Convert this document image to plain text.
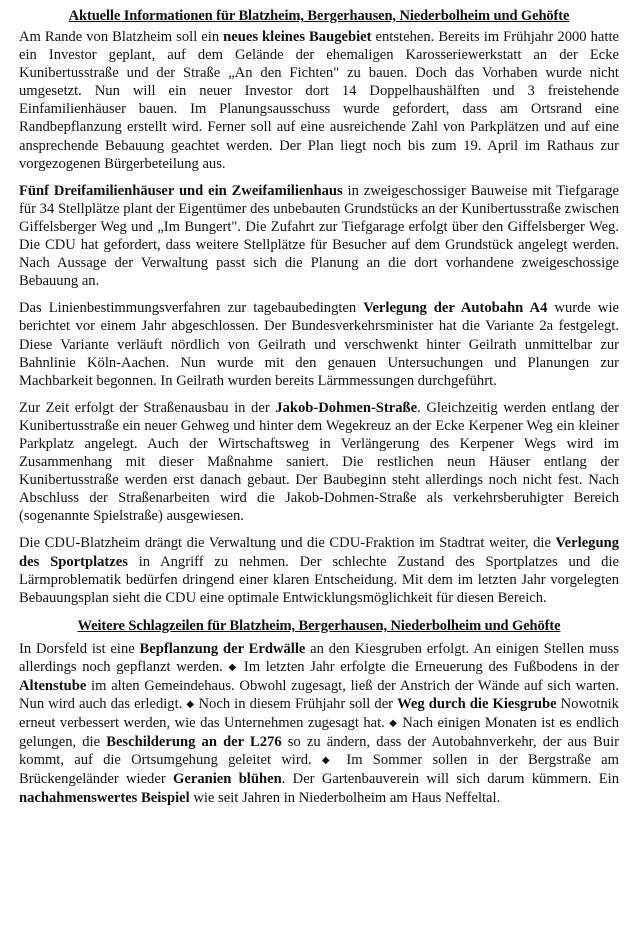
Aktuelle Informationen für Blatzheim, Bergerhausen, Niederbolheim und Gehöfte

Am Rande von Blatzheim soll ein neues kleines Baugebiet entstehen. Bereits im Frühjahr 2000 hatte ein Investor geplant, auf dem Gelände der ehemaligen Karosseriewerkstatt an der Ecke Kunibertusstraße und der Straße „An den Fichten" zu bauen. Doch das Vorhaben wurde nicht umgesetzt. Nun will ein neuer Investor dort 14 Doppelhaushälften und 3 freistehende Einfamilienhäuser bauen. Im Planungsausschuss wurde gefordert, dass am Ortsrand eine Randbepflanzung erstellt wird. Ferner soll auf eine ausreichende Zahl von Parkplätzen und auf eine ansprechende Bebauung geachtet werden. Der Plan liegt noch bis zum 19. April im Rathaus zur vorgezogenen Bürgerbeteilung aus.

Fünf Dreifamilienhäuser und ein Zweifamilienhaus in zweigeschossiger Bauweise mit Tiefgarage für 34 Stellplätze plant der Eigentümer des unbebauten Grundstücks an der Kunibertusstraße zwischen Giffelsberger Weg und „Im Bungert". Die Zufahrt zur Tiefgarage erfolgt über den Giffelsberger Weg. Die CDU hat gefordert, dass weitere Stellplätze für Besucher auf dem Grundstück angelegt werden. Nach Aussage der Verwaltung passt sich die Planung an die dort vorhandene zweigeschossige Bebauung an.

Das Linienbestimmungsverfahren zur tagebaubedingten Verlegung der Autobahn A4 wurde wie berichtet vor einem Jahr abgeschlossen. Der Bundesverkehrsminister hat die Variante 2a festgelegt. Diese Variante verläuft nördlich von Geilrath und verschwenkt hinter Geilrath unmittelbar zur Bahnlinie Köln-Aachen. Nun wurde mit den genauen Untersuchungen und Planungen zur Machbarkeit begonnen. In Geilrath wurden bereits Lärmmessungen durchgeführt.

Zur Zeit erfolgt der Straßenausbau in der Jakob-Dohmen-Straße. Gleichzeitig werden entlang der Kunibertusstraße ein neuer Gehweg und hinter dem Wegekreuz an der Ecke Kerpener Weg ein kleiner Parkplatz angelegt. Auch der Wirtschaftsweg in Verlängerung des Kerpener Wegs wird im Zusammenhang mit dieser Maßnahme saniert. Die restlichen neun Häuser entlang der Kunibertusstraße werden erst danach gebaut. Der Baubeginn steht allerdings noch nicht fest. Nach Abschluss der Straßenarbeiten wird die Jakob-Dohmen-Straße als verkehrsberuhigter Bereich (sogenannte Spielstraße) ausgewiesen.

Die CDU-Blatzheim drängt die Verwaltung und die CDU-Fraktion im Stadtrat weiter, die Verlegung des Sportplatzes in Angriff zu nehmen. Der schlechte Zustand des Sportplatzes und die Lärmproblematik bedürfen dringend einer klaren Entscheidung. Mit dem im letzten Jahr vorgelegten Bebauungsplan sieht die CDU eine optimale Entwicklungsmöglichkeit für diesen Bereich.

Weitere Schlagzeilen für Blatzheim, Bergerhausen, Niederbolheim und Gehöfte

In Dorsfeld ist eine Bepflanzung der Erdwälle an den Kiesgruben erfolgt. An einigen Stellen muss allerdings noch gepflanzt werden. ◆ Im letzten Jahr erfolgte die Erneuerung des Fußbodens in der Altenstube im alten Gemeindehaus. Obwohl zugesagt, ließ der Anstrich der Wände auf sich warten. Nun wird auch das erledigt. ◆ Noch in diesem Frühjahr soll der Weg durch die Kiesgrube Nowotnik erneut verbessert werden, wie das Unternehmen zugesagt hat. ◆ Nach einigen Monaten ist es endlich gelungen, die Beschilderung an der L276 so zu ändern, dass der Autobahnverkehr, der aus Buir kommt, auf die Ortsumgehung geleitet wird. ◆ Im Sommer sollen in der Bergstraße am Brückengeländer wieder Geranien blühen. Der Gartenbauverein will sich darum kümmern. Ein nachahmenswertes Beispiel wie seit Jahren in Niederbolheim am Haus Neffeltal.
